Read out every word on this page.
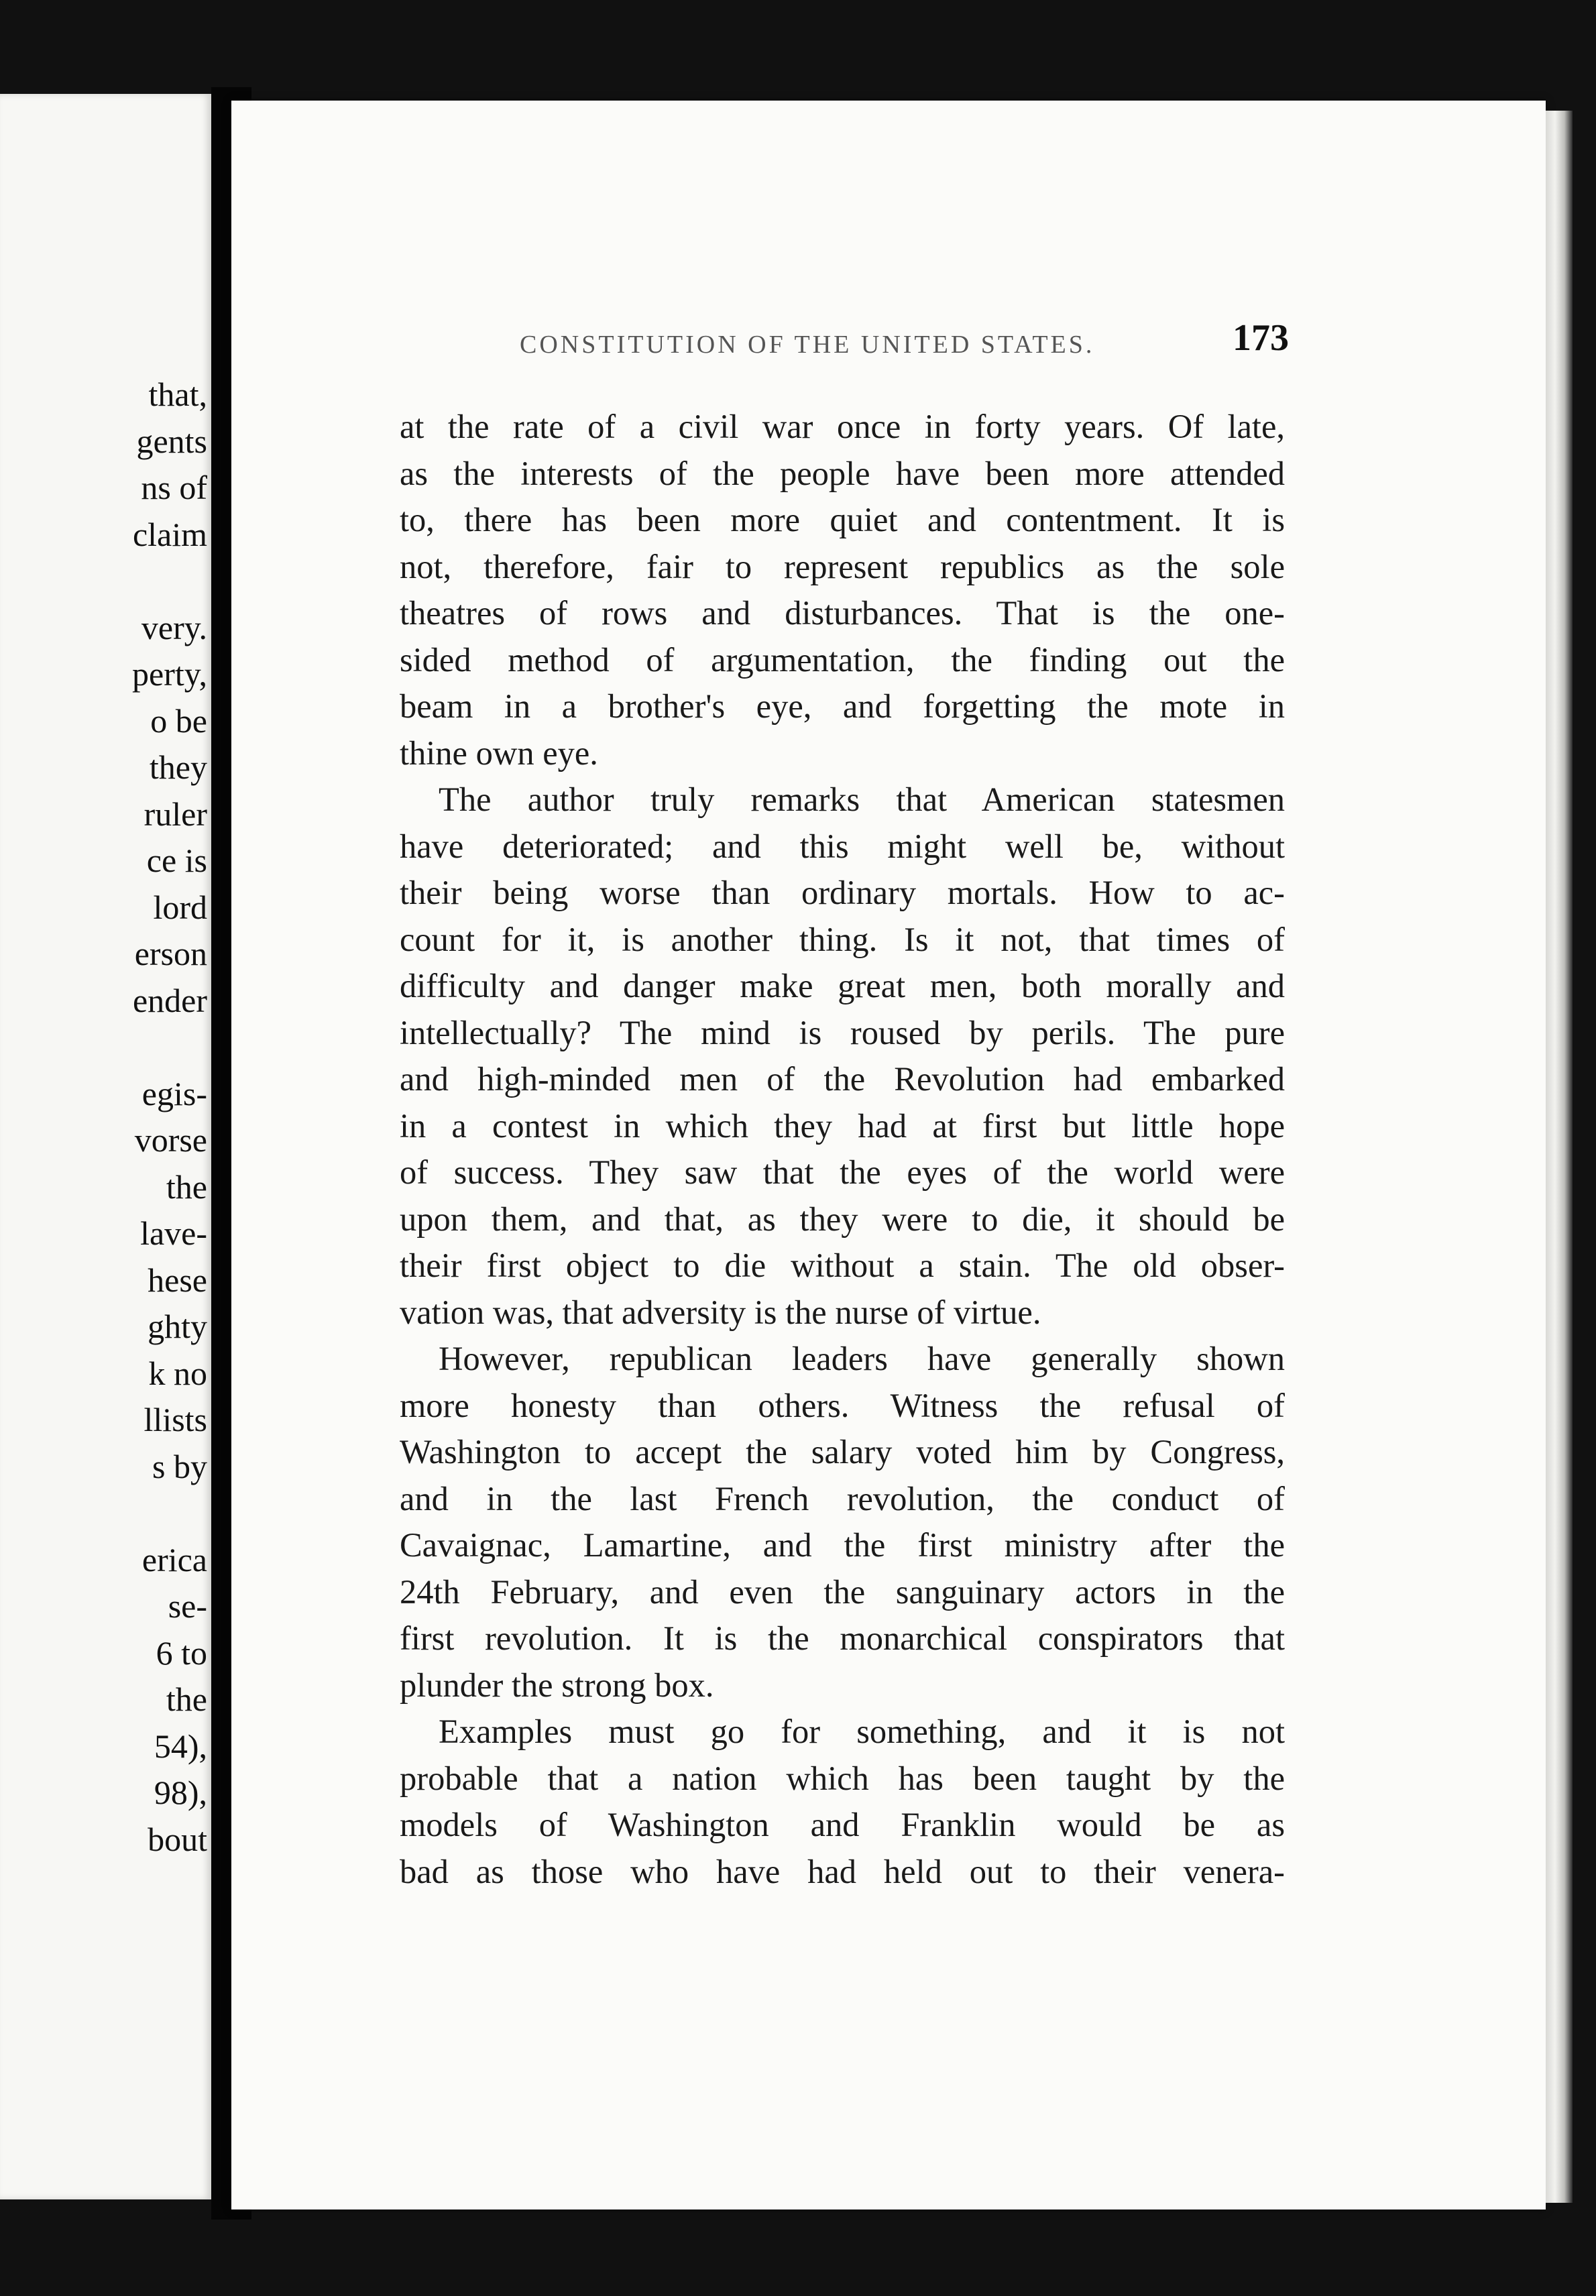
that,
gents
ns of
claim
very.
perty,
o be
they
ruler
ce is
lord
erson
ender
egis-
vorse
the
lave-
hese
ghty
k no
llists
s by
erica
se-
6 to
the
54),
98),
bout
CONSTITUTION OF THE UNITED STATES.	173
at the rate of a civil war once in forty years. Of late,
as the interests of the people have been more attended
to, there has been more quiet and contentment. It is
not, therefore, fair to represent republics as the sole
theatres of rows and disturbances. That is the one-
sided method of argumentation, the finding out the
beam in a brother's eye, and forgetting the mote in
thine own eye.
The author truly remarks that American statesmen
have deteriorated; and this might well be, without
their being worse than ordinary mortals. How to ac-
count for it, is another thing. Is it not, that times of
difficulty and danger make great men, both morally and
intellectually? The mind is roused by perils. The pure
and high-minded men of the Revolution had embarked
in a contest in which they had at first but little hope
of success. They saw that the eyes of the world were
upon them, and that, as they were to die, it should be
their first object to die without a stain. The old obser-
vation was, that adversity is the nurse of virtue.
However, republican leaders have generally shown
more honesty than others. Witness the refusal of
Washington to accept the salary voted him by Congress,
and in the last French revolution, the conduct of
Cavaignac, Lamartine, and the first ministry after the
24th February, and even the sanguinary actors in the
first revolution. It is the monarchical conspirators that
plunder the strong box.
Examples must go for something, and it is not
probable that a nation which has been taught by the
models of Washington and Franklin would be as
bad as those who have had held out to their venera-
